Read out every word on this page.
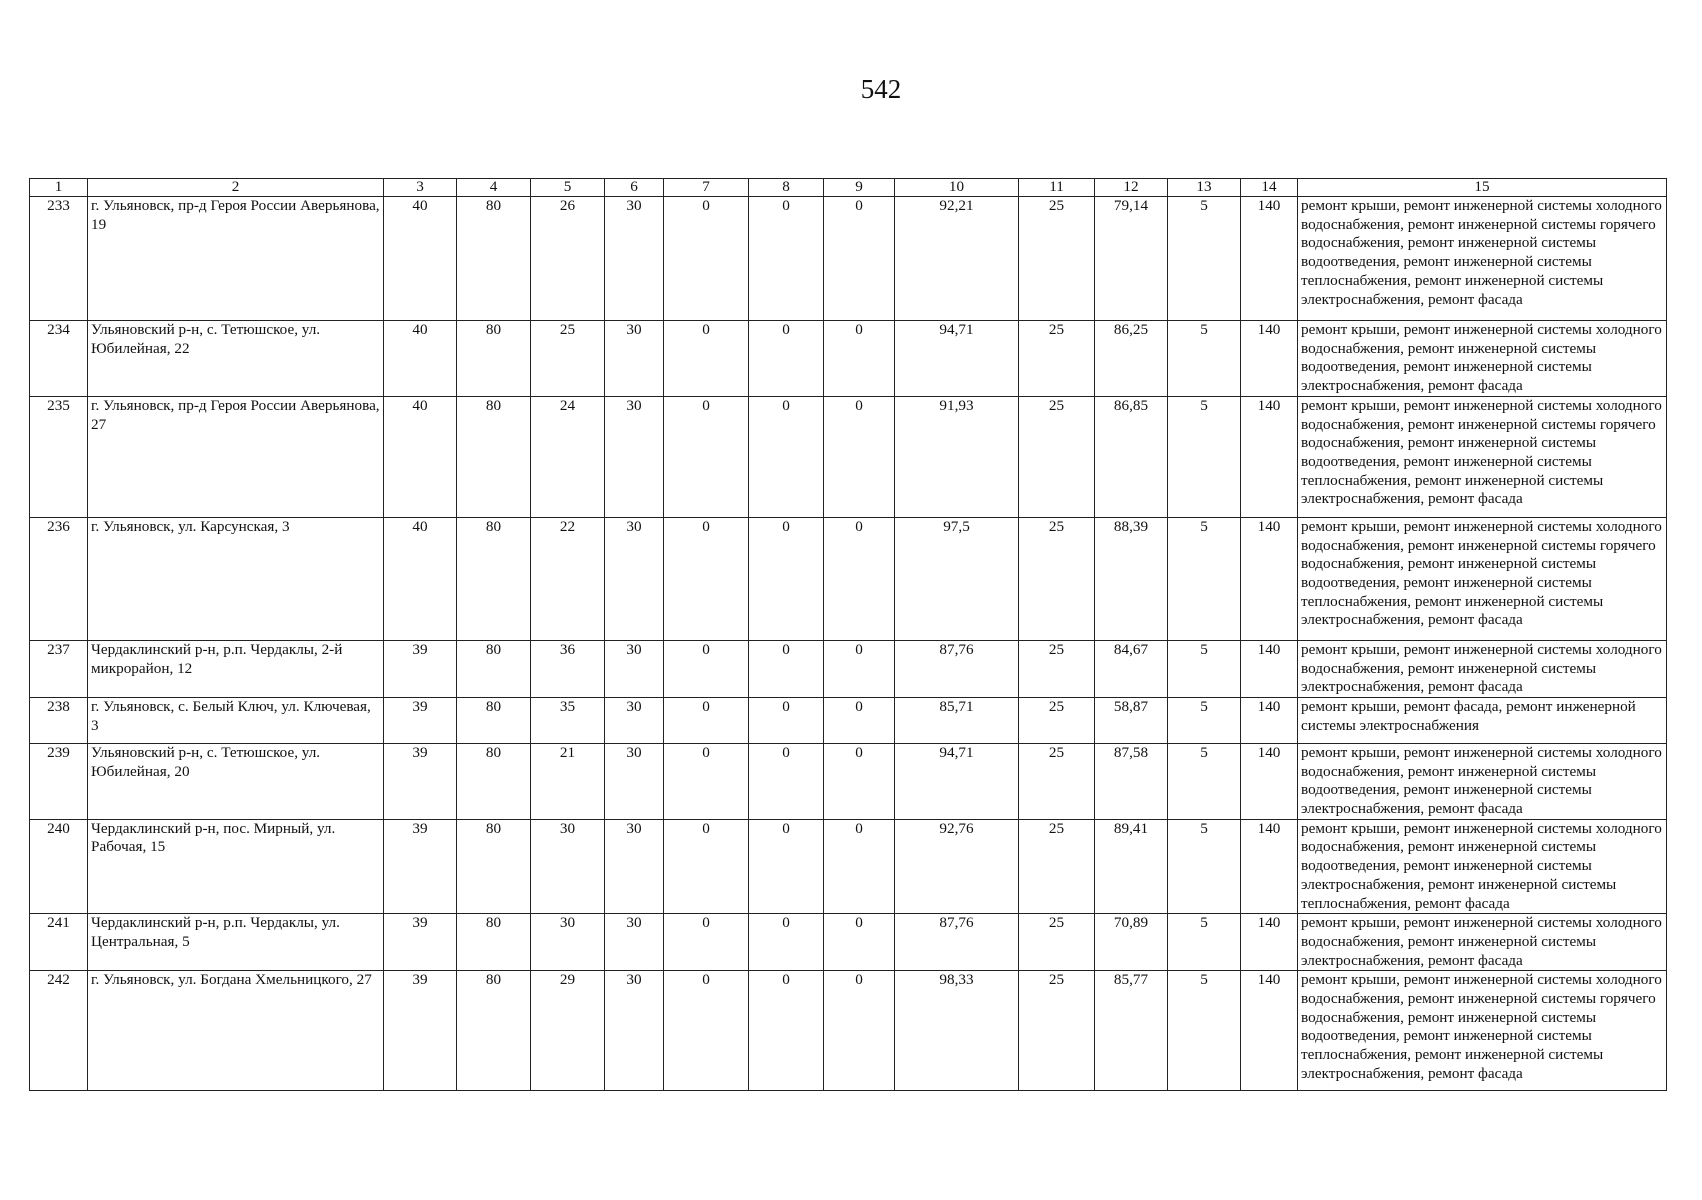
542
1	2	3	4	5	6	7	8	9	10	11	12	13	14	15
233	г. Ульяновск, пр-д Героя России Аверьянова, 19	40	80	26	30	0	0	0	92,21	25	79,14	5	140	ремонт крыши, ремонт инженерной системы холодного водоснабжения, ремонт инженерной системы горячего водоснабжения, ремонт инженерной системы водоотведения, ремонт инженерной системы теплоснабжения, ремонт инженерной системы электроснабжения, ремонт фасада
234	Ульяновский р-н, с. Тетюшское, ул. Юбилейная, 22	40	80	25	30	0	0	0	94,71	25	86,25	5	140	ремонт крыши, ремонт инженерной системы холодного водоснабжения, ремонт инженерной системы водоотведения, ремонт инженерной системы электроснабжения, ремонт фасада
235	г. Ульяновск, пр-д Героя России Аверьянова, 27	40	80	24	30	0	0	0	91,93	25	86,85	5	140	ремонт крыши, ремонт инженерной системы холодного водоснабжения, ремонт инженерной системы горячего водоснабжения, ремонт инженерной системы водоотведения, ремонт инженерной системы теплоснабжения, ремонт инженерной системы электроснабжения, ремонт фасада
236	г. Ульяновск, ул. Карсунская, 3	40	80	22	30	0	0	0	97,5	25	88,39	5	140	ремонт крыши, ремонт инженерной системы холодного водоснабжения, ремонт инженерной системы горячего водоснабжения, ремонт инженерной системы водоотведения, ремонт инженерной системы теплоснабжения, ремонт инженерной системы электроснабжения, ремонт фасада
237	Чердаклинский р-н, р.п. Чердаклы, 2-й микрорайон, 12	39	80	36	30	0	0	0	87,76	25	84,67	5	140	ремонт крыши, ремонт инженерной системы холодного водоснабжения, ремонт инженерной системы электроснабжения, ремонт фасада
238	г. Ульяновск, с. Белый Ключ, ул. Ключевая, 3	39	80	35	30	0	0	0	85,71	25	58,87	5	140	ремонт крыши, ремонт фасада, ремонт инженерной системы электроснабжения
239	Ульяновский р-н, с. Тетюшское, ул. Юбилейная, 20	39	80	21	30	0	0	0	94,71	25	87,58	5	140	ремонт крыши, ремонт инженерной системы холодного водоснабжения, ремонт инженерной системы водоотведения, ремонт инженерной системы электроснабжения, ремонт фасада
240	Чердаклинский р-н, пос. Мирный, ул. Рабочая, 15	39	80	30	30	0	0	0	92,76	25	89,41	5	140	ремонт крыши, ремонт инженерной системы холодного водоснабжения, ремонт инженерной системы водоотведения, ремонт инженерной системы электроснабжения, ремонт инженерной системы теплоснабжения, ремонт фасада
241	Чердаклинский р-н, р.п. Чердаклы, ул. Центральная, 5	39	80	30	30	0	0	0	87,76	25	70,89	5	140	ремонт крыши, ремонт инженерной системы холодного водоснабжения, ремонт инженерной системы электроснабжения, ремонт фасада
242	г. Ульяновск, ул. Богдана Хмельницкого, 27	39	80	29	30	0	0	0	98,33	25	85,77	5	140	ремонт крыши, ремонт инженерной системы холодного водоснабжения, ремонт инженерной системы горячего водоснабжения, ремонт инженерной системы водоотведения, ремонт инженерной системы теплоснабжения, ремонт инженерной системы электроснабжения, ремонт фасада
